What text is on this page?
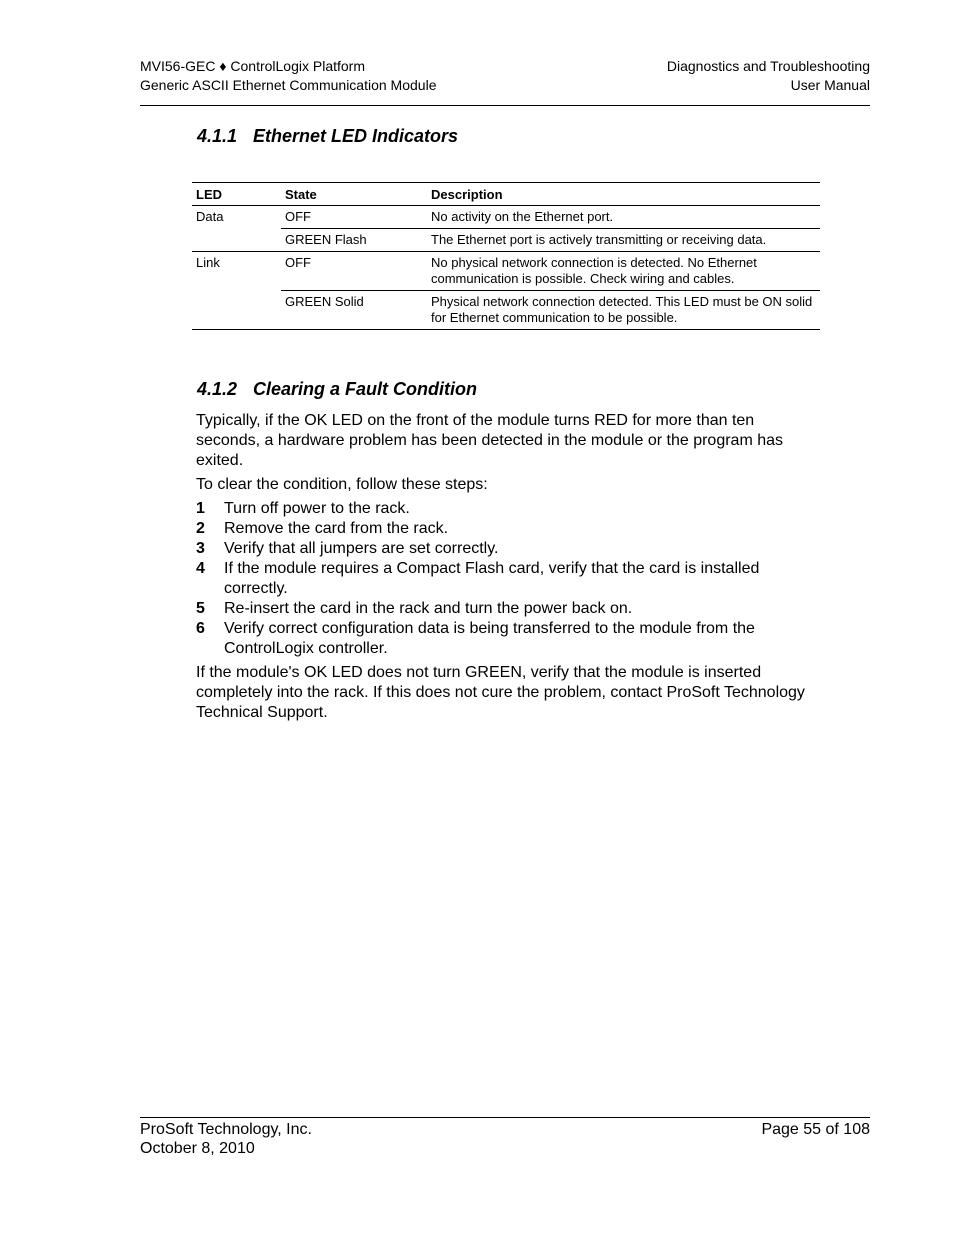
MVI56-GEC ♦ ControlLogix Platform
Generic ASCII Ethernet Communication Module
Diagnostics and Troubleshooting
User Manual
4.1.1 Ethernet LED Indicators
LED	State	Description
Data	OFF	No activity on the Ethernet port.
	GREEN Flash	The Ethernet port is actively transmitting or receiving data.
Link	OFF	No physical network connection is detected. No Ethernet communication is possible. Check wiring and cables.
	GREEN Solid	Physical network connection detected. This LED must be ON solid for Ethernet communication to be possible.
4.1.2 Clearing a Fault Condition

Typically, if the OK LED on the front of the module turns RED for more than ten seconds, a hardware problem has been detected in the module or the program has exited.

To clear the condition, follow these steps:

1 Turn off power to the rack.
2 Remove the card from the rack.
3 Verify that all jumpers are set correctly.
4 If the module requires a Compact Flash card, verify that the card is installed correctly.
5 Re-insert the card in the rack and turn the power back on.
6 Verify correct configuration data is being transferred to the module from the ControlLogix controller.

If the module's OK LED does not turn GREEN, verify that the module is inserted completely into the rack. If this does not cure the problem, contact ProSoft Technology Technical Support.

ProSoft Technology, Inc.
October 8, 2010
Page 55 of 108
